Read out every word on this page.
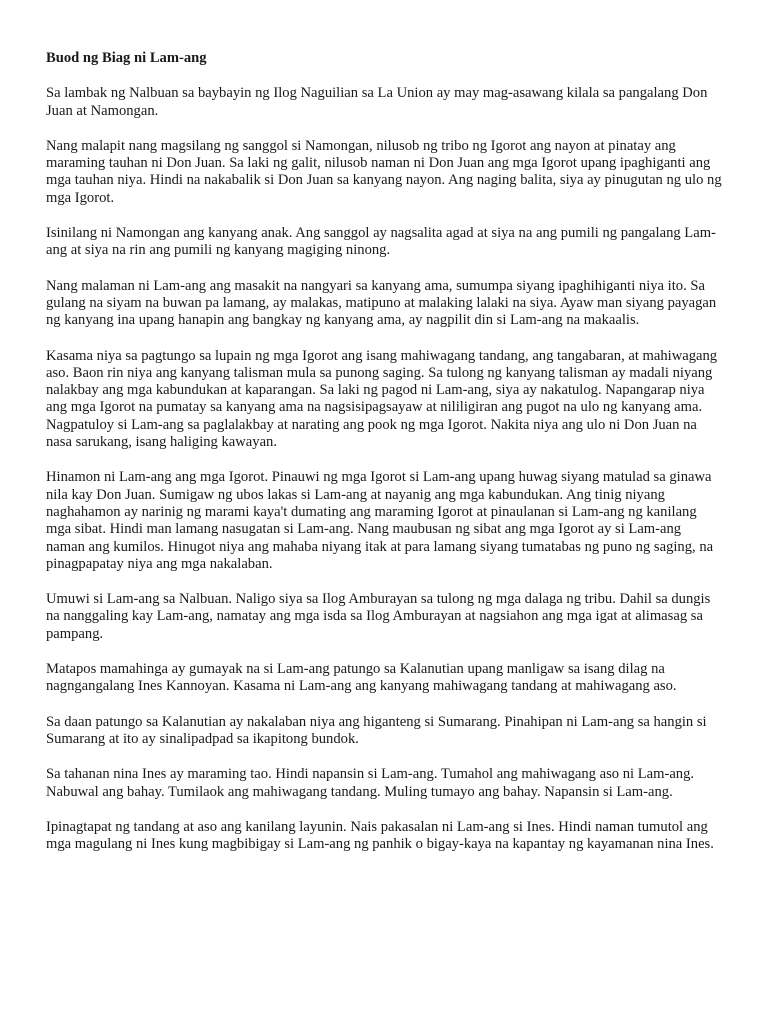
Buod ng Biag ni Lam-ang

Sa lambak ng Nalbuan sa baybayin ng Ilog Naguilian sa La Union ay may mag-asawang kilala sa pangalang Don Juan at Namongan.

Nang malapit nang magsilang ng sanggol si Namongan, nilusob ng tribo ng Igorot ang nayon at pinatay ang maraming tauhan ni Don Juan. Sa laki ng galit, nilusob naman ni Don Juan ang mga Igorot upang ipaghiganti ang mga tauhan niya. Hindi na nakabalik si Don Juan sa kanyang nayon. Ang naging balita, siya ay pinugutan ng ulo ng mga Igorot.

Isinilang ni Namongan ang kanyang anak. Ang sanggol ay nagsalita agad at siya na ang pumili ng pangalang Lam-ang at siya na rin ang pumili ng kanyang magiging ninong.

Nang malaman ni Lam-ang ang masakit na nangyari sa kanyang ama, sumumpa siyang ipaghihiganti niya ito. Sa gulang na siyam na buwan pa lamang, ay malakas, matipuno at malaking lalaki na siya. Ayaw man siyang payagan ng kanyang ina upang hanapin ang bangkay ng kanyang ama, ay nagpilit din si Lam-ang na makaalis.

Kasama niya sa pagtungo sa lupain ng mga Igorot ang isang mahiwagang tandang, ang tangabaran, at mahiwagang aso. Baon rin niya ang kanyang talisman mula sa punong saging. Sa tulong ng kanyang talisman ay madali niyang nalakbay ang mga kabundukan at kaparangan. Sa laki ng pagod ni Lam-ang, siya ay nakatulog. Napangarap niya ang mga Igorot na pumatay sa kanyang ama na nagsisipagsayaw at nililigiran ang pugot na ulo ng kanyang ama. Nagpatuloy si Lam-ang sa paglalakbay at narating ang pook ng mga Igorot. Nakita niya ang ulo ni Don Juan na nasa sarukang, isang haliging kawayan.

Hinamon ni Lam-ang ang mga Igorot. Pinauwi ng mga Igorot si Lam-ang upang huwag siyang matulad sa ginawa nila kay Don Juan. Sumigaw ng ubos lakas si Lam-ang at nayanig ang mga kabundukan. Ang tinig niyang naghahamon ay narinig ng marami kaya't dumating ang maraming Igorot at pinaulanan si Lam-ang ng kanilang mga sibat. Hindi man lamang nasugatan si Lam-ang. Nang maubusan ng sibat ang mga Igorot ay si Lam-ang naman ang kumilos. Hinugot niya ang mahaba niyang itak at para lamang siyang tumatabas ng puno ng saging, na pinagpapatay niya ang mga nakalaban.

Umuwi si Lam-ang sa Nalbuan. Naligo siya sa Ilog Amburayan sa tulong ng mga dalaga ng tribu. Dahil sa dungis na nanggaling kay Lam-ang, namatay ang mga isda sa Ilog Amburayan at nagsiahon ang mga igat at alimasag sa pampang.

Matapos mamahinga ay gumayak na si Lam-ang patungo sa Kalanutian upang manligaw sa isang dilag na nagngangalang Ines Kannoyan. Kasama ni Lam-ang ang kanyang mahiwagang tandang at mahiwagang aso.

Sa daan patungo sa Kalanutian ay nakalaban niya ang higanteng si Sumarang. Pinahipan ni Lam-ang sa hangin si Sumarang at ito ay sinalipadpad sa ikapitong bundok.

Sa tahanan nina Ines ay maraming tao. Hindi napansin si Lam-ang. Tumahol ang mahiwagang aso ni Lam-ang. Nabuwal ang bahay. Tumilaok ang mahiwagang tandang. Muling tumayo ang bahay. Napansin si Lam-ang.

Ipinagtapat ng tandang at aso ang kanilang layunin. Nais pakasalan ni Lam-ang si Ines. Hindi naman tumutol ang mga magulang ni Ines kung magbibigay si Lam-ang ng panhik o bigay-kaya na kapantay ng kayamanan nina Ines.
